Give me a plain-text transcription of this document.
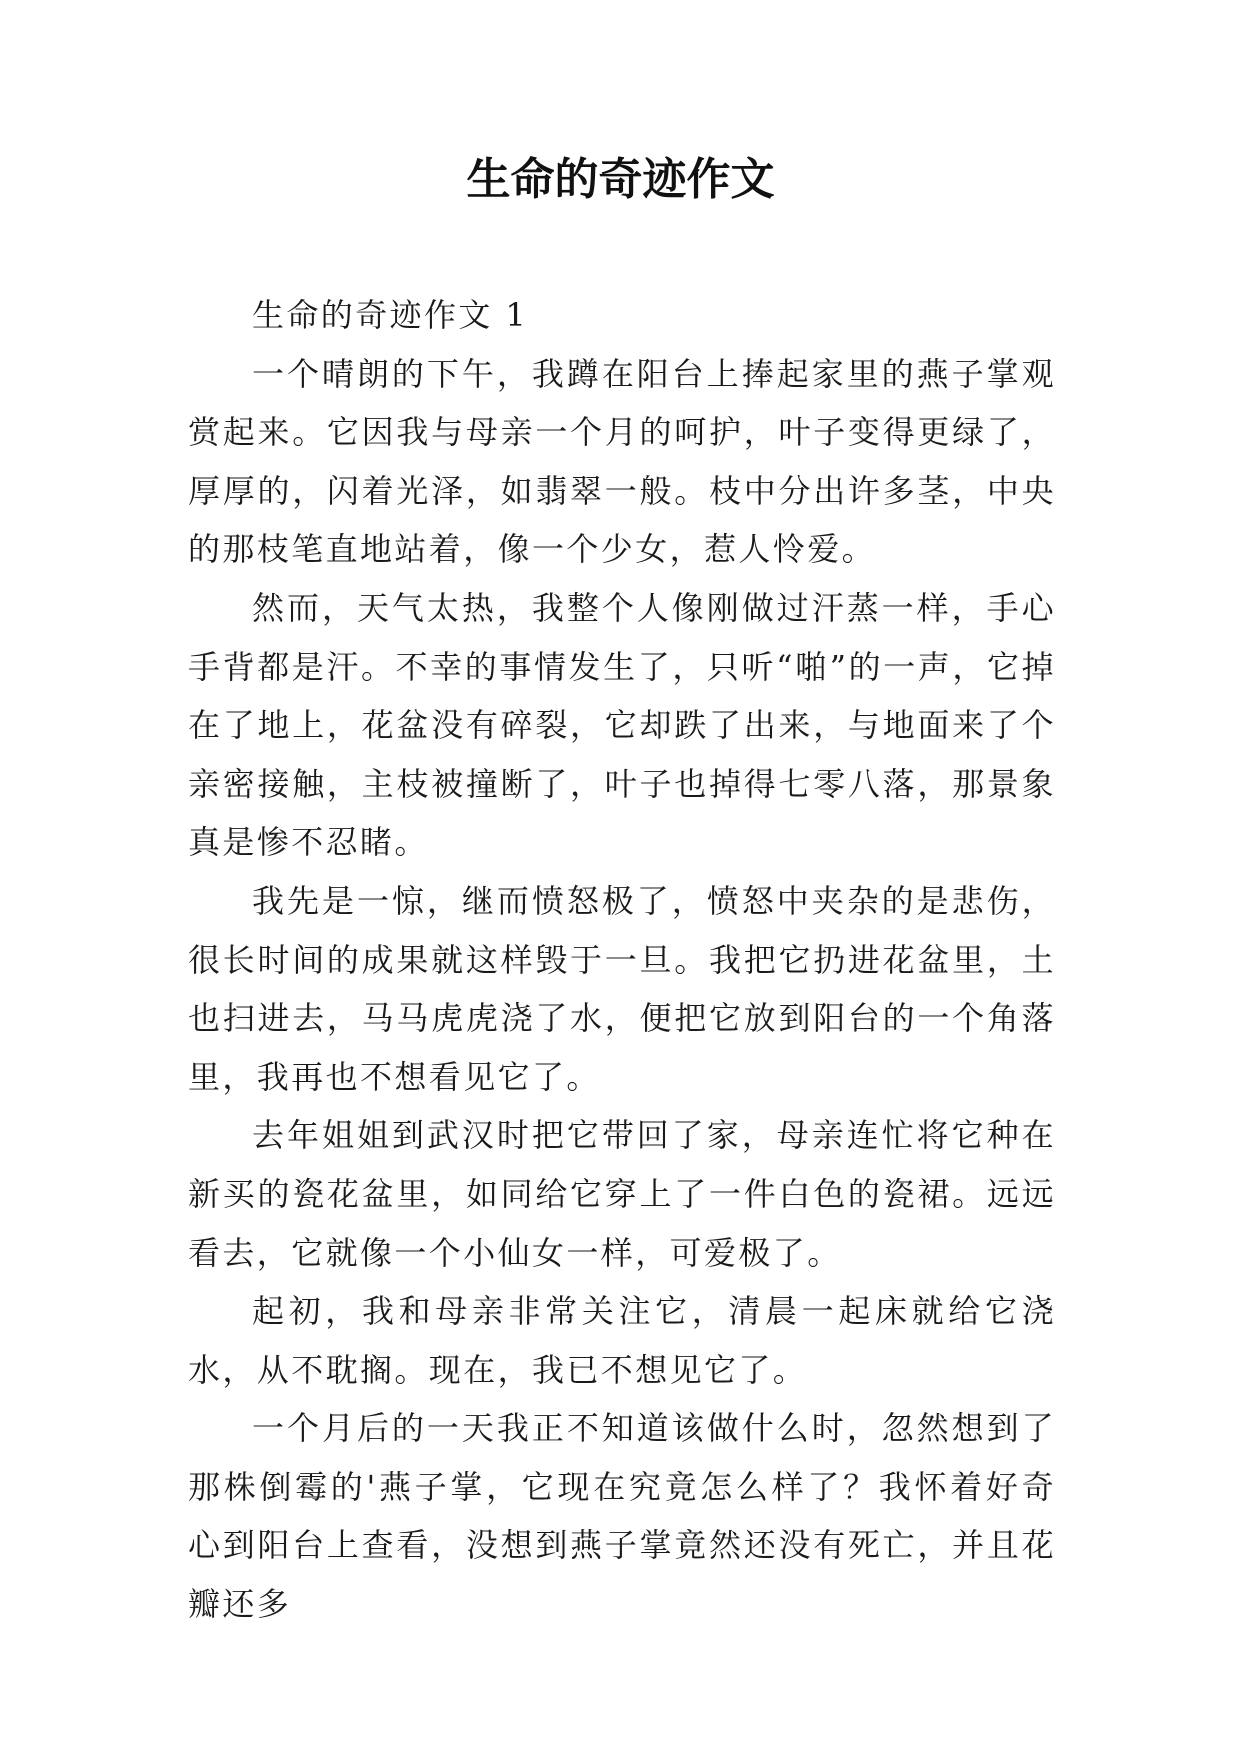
生命的奇迹作文

生命的奇迹作文 1

一个晴朗的下午，我蹲在阳台上捧起家里的燕子掌观赏起来。它因我与母亲一个月的呵护，叶子变得更绿了，厚厚的，闪着光泽，如翡翠一般。枝中分出许多茎，中央的那枝笔直地站着，像一个少女，惹人怜爱。

然而，天气太热，我整个人像刚做过汗蒸一样，手心手背都是汗。不幸的事情发生了，只听“啪”的一声，它掉在了地上，花盆没有碎裂，它却跌了出来，与地面来了个亲密接触，主枝被撞断了，叶子也掉得七零八落，那景象真是惨不忍睹。

我先是一惊，继而愤怒极了，愤怒中夹杂的是悲伤，很长时间的成果就这样毁于一旦。我把它扔进花盆里，土也扫进去，马马虎虎浇了水，便把它放到阳台的一个角落里，我再也不想看见它了。

去年姐姐到武汉时把它带回了家，母亲连忙将它种在新买的瓷花盆里，如同给它穿上了一件白色的瓷裙。远远看去，它就像一个小仙女一样，可爱极了。

起初，我和母亲非常关注它，清晨一起床就给它浇水，从不耽搁。现在，我已不想见它了。

一个月后的一天我正不知道该做什么时，忽然想到了那株倒霉的'燕子掌，它现在究竟怎么样了？我怀着好奇心到阳台上查看，没想到燕子掌竟然还没有死亡，并且花瓣还多
